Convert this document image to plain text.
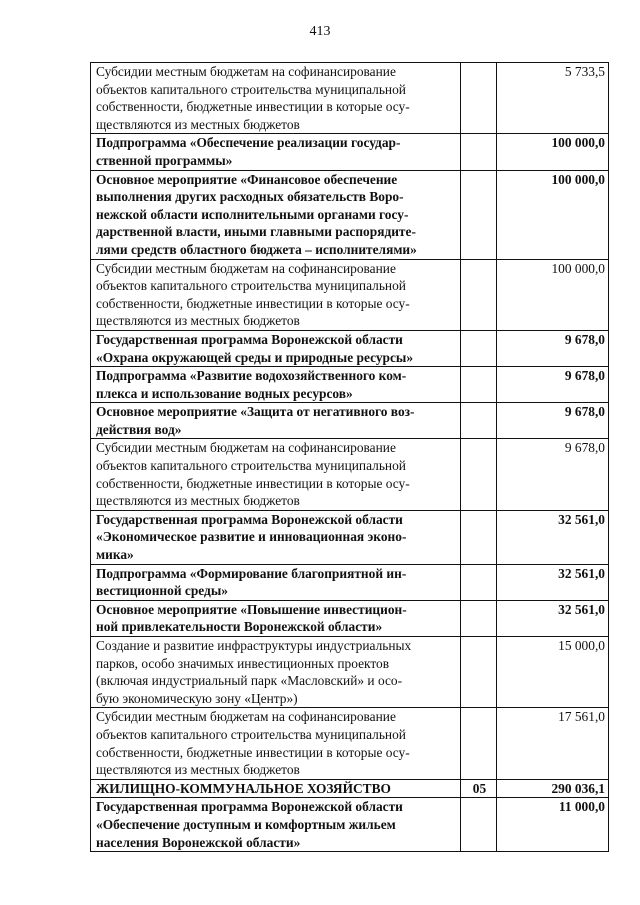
413
Субсидии местным бюджетам на софинансирование
объектов капитального строительства муниципальной
собственности, бюджетные инвестиции в которые осу-
ществляются из местных бюджетов		5 733,5

Подпрограмма «Обеспечение реализации государ-
ственной программы»		100 000,0

Основное мероприятие «Финансовое обеспечение
выполнения других расходных обязательств Воро-
нежской области исполнительными органами госу-
дарственной власти, иными главными распорядите-
лями средств областного бюджета – исполнителями»		100 000,0

Субсидии местным бюджетам на софинансирование
объектов капитального строительства муниципальной
собственности, бюджетные инвестиции в которые осу-
ществляются из местных бюджетов		100 000,0

Государственная программа Воронежской области
«Охрана окружающей среды и природные ресурсы»		9 678,0

Подпрограмма «Развитие водохозяйственного ком-
плекса и использование водных ресурсов»		9 678,0

Основное мероприятие «Защита от негативного воз-
действия вод»		9 678,0

Субсидии местным бюджетам на софинансирование
объектов капитального строительства муниципальной
собственности, бюджетные инвестиции в которые осу-
ществляются из местных бюджетов		9 678,0

Государственная программа Воронежской области
«Экономическое развитие и инновационная эконо-
мика»		32 561,0

Подпрограмма «Формирование благоприятной ин-
вестиционной среды»		32 561,0

Основное мероприятие «Повышение инвестицион-
ной привлекательности Воронежской области»		32 561,0

Создание и развитие инфраструктуры индустриальных
парков, особо значимых инвестиционных проектов
(включая индустриальный парк «Масловский» и осо-
бую экономическую зону «Центр»)		15 000,0

Субсидии местным бюджетам на софинансирование
объектов капитального строительства муниципальной
собственности, бюджетные инвестиции в которые осу-
ществляются из местных бюджетов		17 561,0

ЖИЛИЩНО-КОММУНАЛЬНОЕ ХОЗЯЙСТВО	05	290 036,1

Государственная программа Воронежской области
«Обеспечение доступным и комфортным жильем
населения Воронежской области»		11 000,0
